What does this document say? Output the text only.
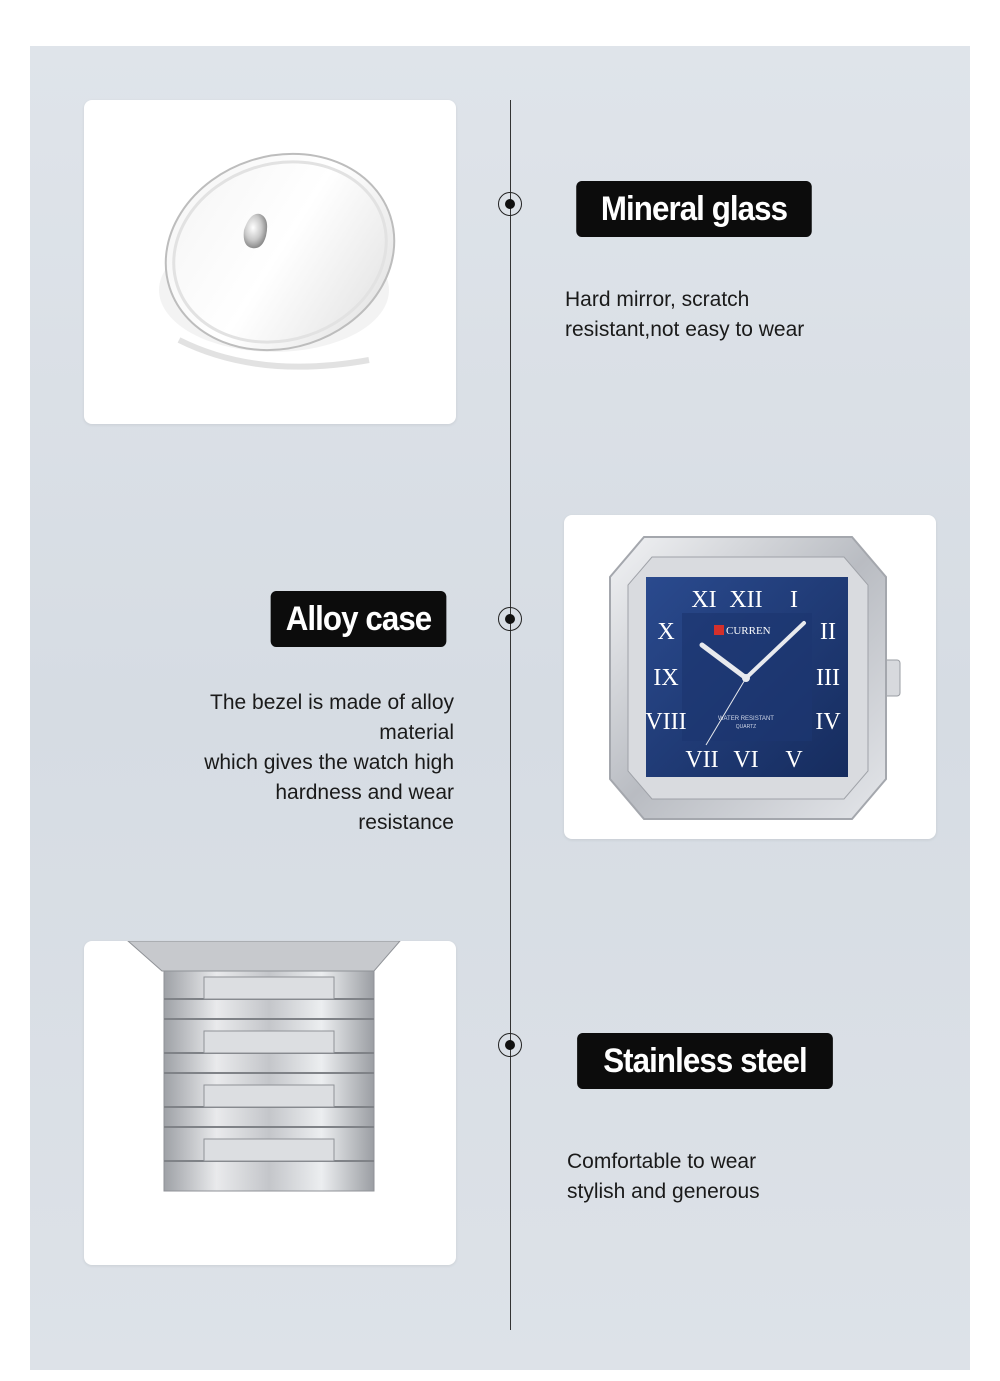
Mineral glass
Hard mirror, scratch
resistant,not easy to wear
Alloy case
The bezel is made of alloy
material
which gives the watch high
hardness and wear
resistance
XI XII I
II
III
IV
V
VI
VII
VIII
IX
X	CURREN
WATER RESISTANT
QUARTZ
Stainless steel
Comfortable to wear
stylish and generous
